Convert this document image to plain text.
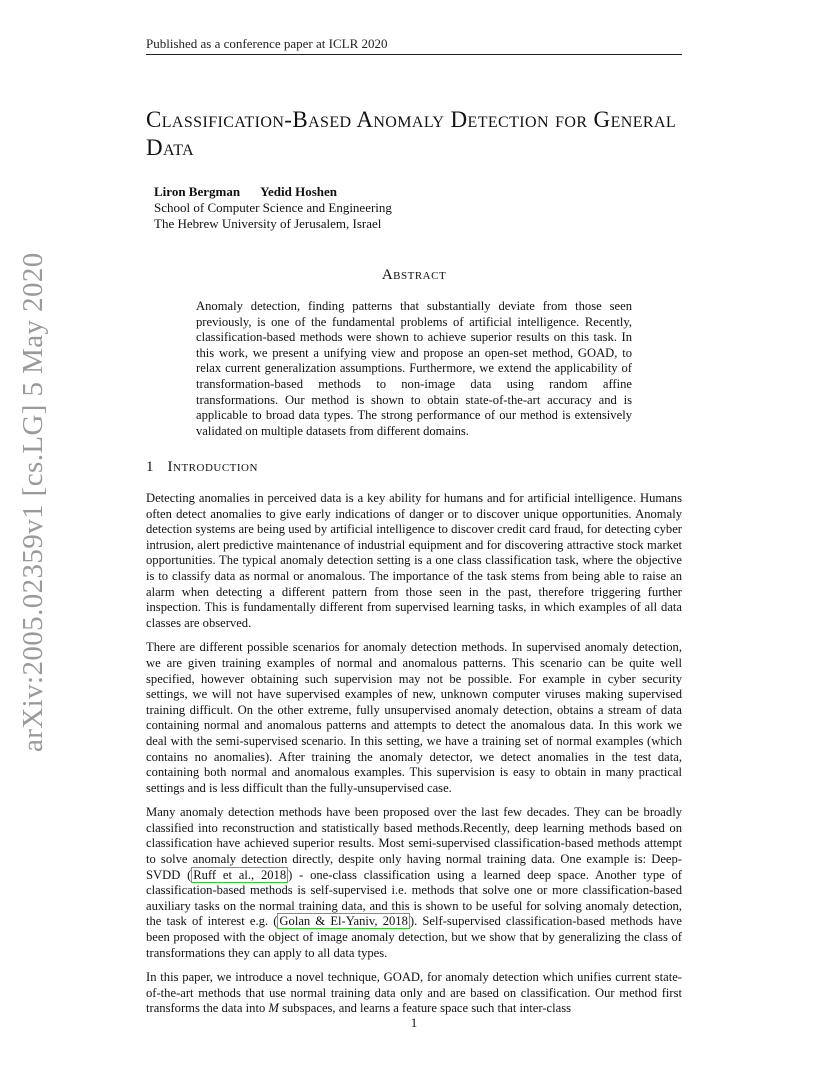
Published as a conference paper at ICLR 2020
arXiv:2005.02359v1 [cs.LG] 5 May 2020
Classification-Based Anomaly Detection for General Data
Liron Bergman Yedid Hoshen
School of Computer Science and Engineering
The Hebrew University of Jerusalem, Israel
Abstract
Anomaly detection, finding patterns that substantially deviate from those seen previously, is one of the fundamental problems of artificial intelligence. Recently, classification-based methods were shown to achieve superior results on this task. In this work, we present a unifying view and propose an open-set method, GOAD, to relax current generalization assumptions. Furthermore, we extend the applicability of transformation-based methods to non-image data using random affine transformations. Our method is shown to obtain state-of-the-art accuracy and is applicable to broad data types. The strong performance of our method is extensively validated on multiple datasets from different domains.
1 Introduction

Detecting anomalies in perceived data is a key ability for humans and for artificial intelligence. Humans often detect anomalies to give early indications of danger or to discover unique opportunities. Anomaly detection systems are being used by artificial intelligence to discover credit card fraud, for detecting cyber intrusion, alert predictive maintenance of industrial equipment and for discovering attractive stock market opportunities. The typical anomaly detection setting is a one class classification task, where the objective is to classify data as normal or anomalous. The importance of the task stems from being able to raise an alarm when detecting a different pattern from those seen in the past, therefore triggering further inspection. This is fundamentally different from supervised learning tasks, in which examples of all data classes are observed.

There are different possible scenarios for anomaly detection methods. In supervised anomaly detection, we are given training examples of normal and anomalous patterns. This scenario can be quite well specified, however obtaining such supervision may not be possible. For example in cyber security settings, we will not have supervised examples of new, unknown computer viruses making supervised training difficult. On the other extreme, fully unsupervised anomaly detection, obtains a stream of data containing normal and anomalous patterns and attempts to detect the anomalous data. In this work we deal with the semi-supervised scenario. In this setting, we have a training set of normal examples (which contains no anomalies). After training the anomaly detector, we detect anomalies in the test data, containing both normal and anomalous examples. This supervision is easy to obtain in many practical settings and is less difficult than the fully-unsupervised case.

Many anomaly detection methods have been proposed over the last few decades. They can be broadly classified into reconstruction and statistically based methods.Recently, deep learning methods based on classification have achieved superior results. Most semi-supervised classification-based methods attempt to solve anomaly detection directly, despite only having normal training data. One example is: Deep-SVDD ( Ruff et al., 2018 ) - one-class classification using a learned deep space. Another type of classification-based methods is self-supervised i.e. methods that solve one or more classification-based auxiliary tasks on the normal training data, and this is shown to be useful for solving anomaly detection, the task of interest e.g. ( Golan & El-Yaniv, 2018 ). Self-supervised classification-based methods have been proposed with the object of image anomaly detection, but we show that by generalizing the class of transformations they can apply to all data types.

In this paper, we introduce a novel technique, GOAD, for anomaly detection which unifies current state-of-the-art methods that use normal training data only and are based on classification. Our method first transforms the data into M subspaces, and learns a feature space such that inter-class

1
